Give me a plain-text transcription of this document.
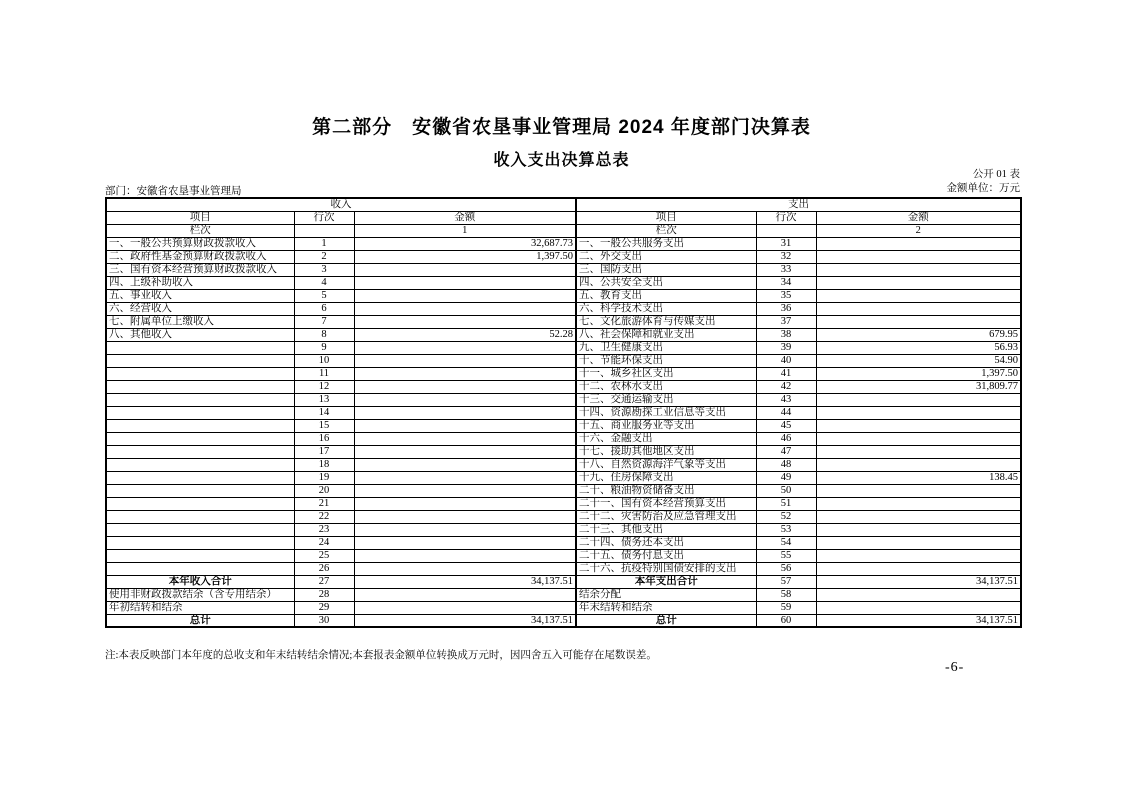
第二部分　安徽省农垦事业管理局 2024 年度部门决算表
收入支出决算总表
公开 01 表
部门：安徽省农垦事业管理局	金额单位：万元
收入			支出		
项目	行次	金额	项目	行次	金额
栏次		1	栏次		2
一、一般公共预算财政拨款收入	1	32,687.73	一、一般公共服务支出	31	
二、政府性基金预算财政拨款收入	2	1,397.50	二、外交支出	32	
三、国有资本经营预算财政拨款收入	3		三、国防支出	33	
四、上级补助收入	4		四、公共安全支出	34	
五、事业收入	5		五、教育支出	35	
六、经营收入	6		六、科学技术支出	36	
七、附属单位上缴收入	7		七、文化旅游体育与传媒支出	37	
八、其他收入	8	52.28	八、社会保障和就业支出	38	679.95
	9		九、卫生健康支出	39	56.93
	10		十、节能环保支出	40	54.90
	11		十一、城乡社区支出	41	1,397.50
	12		十二、农林水支出	42	31,809.77
	13		十三、交通运输支出	43	
	14		十四、资源勘探工业信息等支出	44	
	15		十五、商业服务业等支出	45	
	16		十六、金融支出	46	
	17		十七、援助其他地区支出	47	
	18		十八、自然资源海洋气象等支出	48	
	19		十九、住房保障支出	49	138.45
	20		二十、粮油物资储备支出	50	
	21		二十一、国有资本经营预算支出	51	
	22		二十二、灾害防治及应急管理支出	52	
	23		二十三、其他支出	53	
	24		二十四、债务还本支出	54	
	25		二十五、债务付息支出	55	
	26		二十六、抗疫特别国债安排的支出	56	
本年收入合计	27	34,137.51	本年支出合计	57	34,137.51
使用非财政拨款结余（含专用结余）	28		结余分配	58	
年初结转和结余	29		年末结转和结余	59	
总计	30	34,137.51	总计	60	34,137.51
注:本表反映部门本年度的总收支和年末结转结余情况;本套报表金额单位转换成万元时，因四舍五入可能存在尾数误差。
-6-
